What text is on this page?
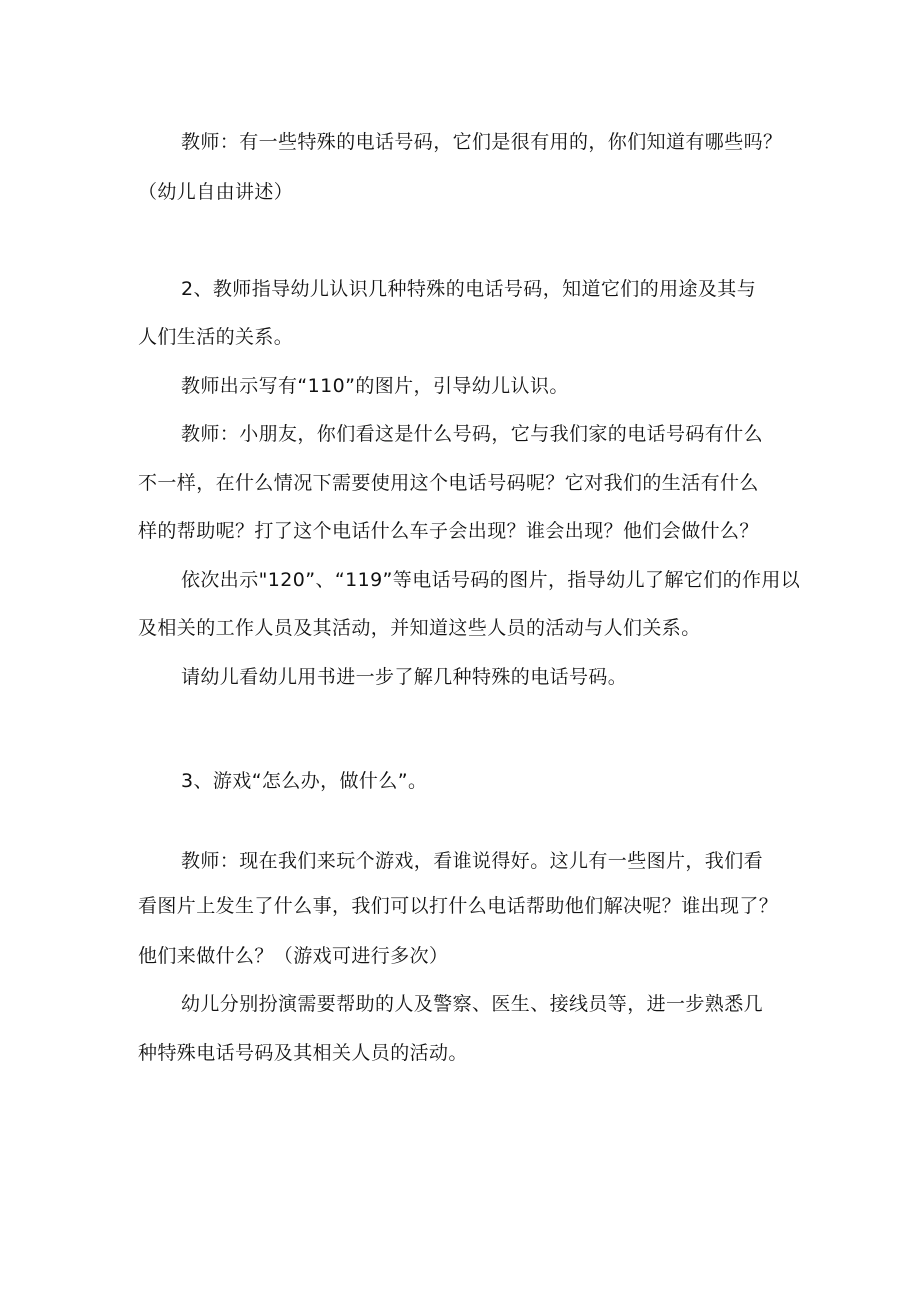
教师：有一些特殊的电话号码，它们是很有用的，你们知道有哪些吗？
（幼儿自由讲述）
2、教师指导幼儿认识几种特殊的电话号码，知道它们的用途及其与
人们生活的关系。
教师出示写有“110”的图片，引导幼儿认识。
教师：小朋友，你们看这是什么号码，它与我们家的电话号码有什么
不一样，在什么情况下需要使用这个电话号码呢？它对我们的生活有什么
样的帮助呢？打了这个电话什么车子会出现？谁会出现？他们会做什么？
依次出示"120”、“119”等电话号码的图片，指导幼儿了解它们的作用以
及相关的工作人员及其活动，并知道这些人员的活动与人们关系。
请幼儿看幼儿用书进一步了解几种特殊的电话号码。
3、游戏“怎么办，做什么”。
教师：现在我们来玩个游戏，看谁说得好。这儿有一些图片，我们看
看图片上发生了什么事，我们可以打什么电话帮助他们解决呢？谁出现了？
他们来做什么？（游戏可进行多次）
幼儿分别扮演需要帮助的人及警察、医生、接线员等，进一步熟悉几
种特殊电话号码及其相关人员的活动。
